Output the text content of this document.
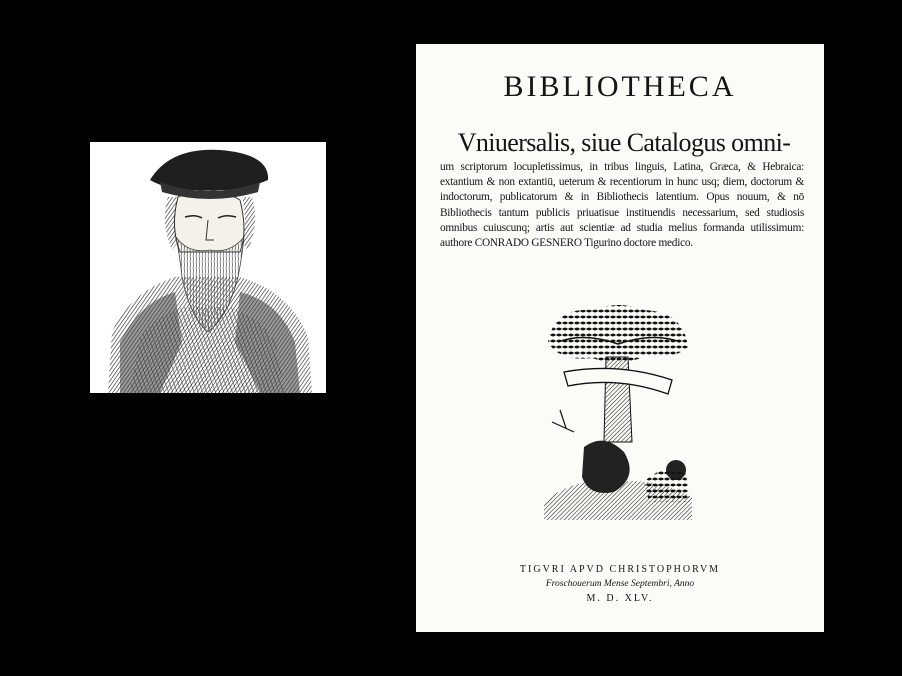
BIBLIOTHECA
Vniuersalis, siue Catalogus omni-
um scriptorum locupletissimus, in tribus linguis, Latina, Græca, & Hebraica: extantium & non extantiū, ueterum & recentiorum in hunc usq; diem, doctorum & indoctorum, publicatorum & in Bibliothecis latentium. Opus nouum, & nō Bibliothecis tantum publicis priuatisue instituendis necessarium, sed studiosis omnibus cuiuscunq; artis aut scientiæ ad studia melius formanda utilissimum: authore CONRADO GESNERO Tigurino doctore medico.
TIGVRI APVD CHRISTOPHORVM
Froschouerum Mense Septembri, Anno
M. D. XLV.
